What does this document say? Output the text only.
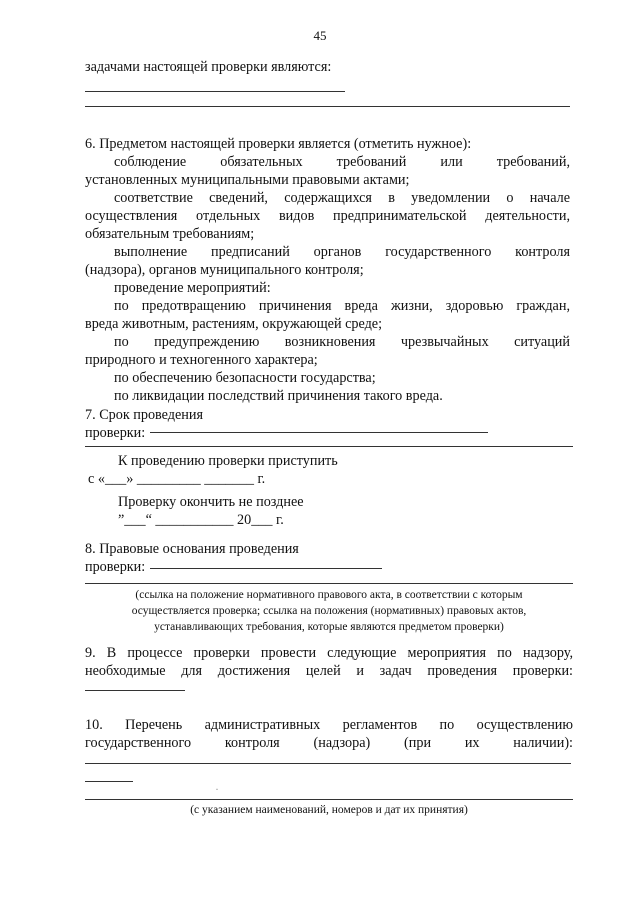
45
задачами настоящей проверки являются:
6. Предметом настоящей проверки является (отметить нужное):
соблюдение обязательных требований или требований,
установленных муниципальными правовыми актами;
соответствие сведений, содержащихся в уведомлении о начале
осуществления отдельных видов предпринимательской деятельности,
обязательным требованиям;
выполнение предписаний органов государственного контроля
(надзора), органов муниципального контроля;
проведение мероприятий:
по предотвращению причинения вреда жизни, здоровью граждан,
вреда животным, растениям, окружающей среде;
по предупреждению возникновения чрезвычайных ситуаций
природного и техногенного характера;
по обеспечению безопасности государства;
по ликвидации последствий причинения такого вреда.
7. Срок проведения
проверки:
К проведению проверки приступить
с «___» _________ _______ г.
Проверку окончить не позднее
”___“ ___________ 20___ г.
8. Правовые основания проведения
проверки:
(ссылка на положение нормативного правового акта, в соответствии с которым
осуществляется проверка; ссылка на положения (нормативных) правовых актов,
устанавливающих требования, которые являются предметом проверки)
9. В процессе проверки провести следующие мероприятия по надзору,
необходимые для достижения целей и задач проведения проверки:
10. Перечень административных регламентов по осуществлению
государственного контроля (надзора) (при их наличии):
·
(с указанием наименований, номеров и дат их принятия)
